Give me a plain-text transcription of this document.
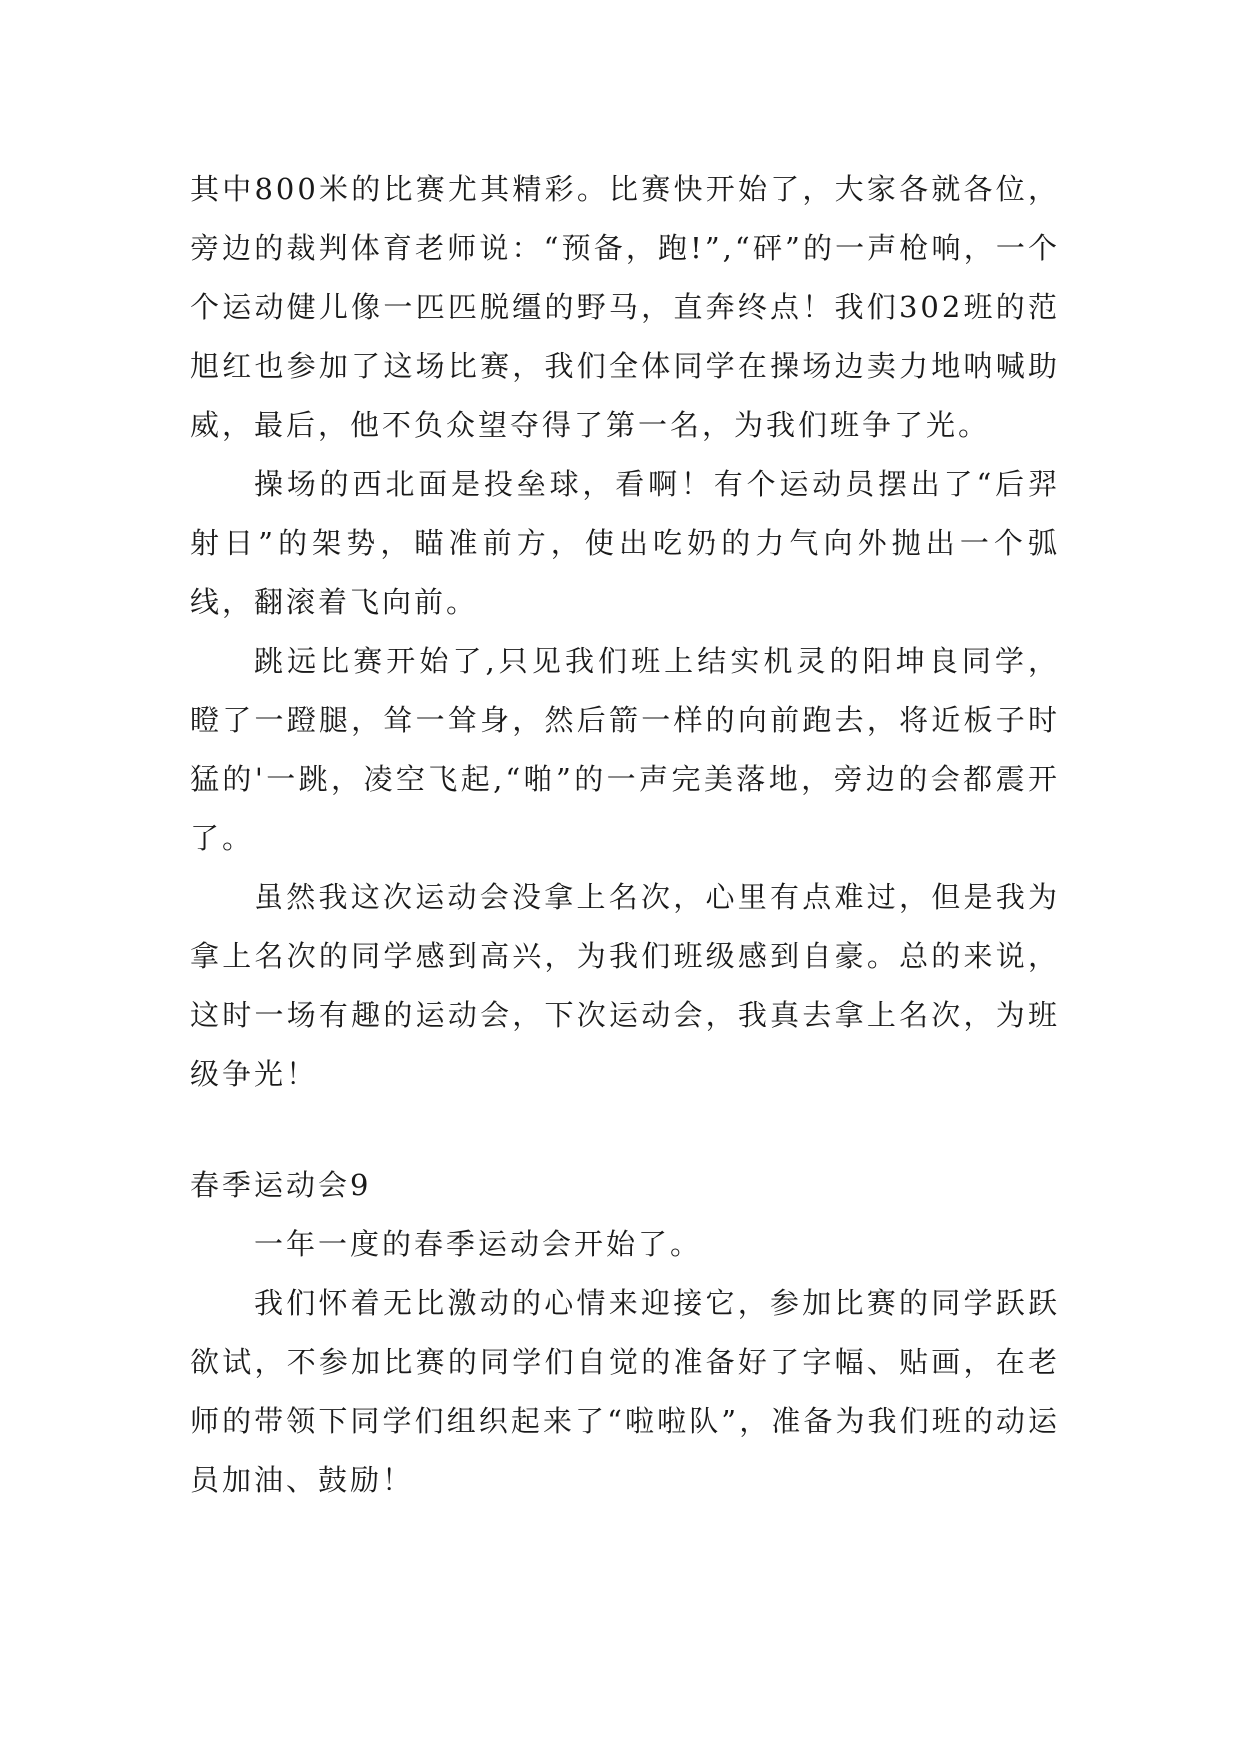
其中800米的比赛尤其精彩。比赛快开始了，大家各就各位，旁边的裁判体育老师说：“预备，跑!”,“砰”的一声枪响，一个个运动健儿像一匹匹脱缰的野马，直奔终点！我们302班的范旭红也参加了这场比赛，我们全体同学在操场边卖力地呐喊助威，最后，他不负众望夺得了第一名，为我们班争了光。

操场的西北面是投垒球，看啊！有个运动员摆出了“后羿射日”的架势，瞄准前方，使出吃奶的力气向外抛出一个弧线，翻滚着飞向前。

跳远比赛开始了,只见我们班上结实机灵的阳坤良同学，瞪了一蹬腿，耸一耸身，然后箭一样的向前跑去，将近板子时猛的'一跳，凌空飞起,“啪”的一声完美落地，旁边的会都震开了。

虽然我这次运动会没拿上名次，心里有点难过，但是我为拿上名次的同学感到高兴，为我们班级感到自豪。总的来说，这时一场有趣的运动会，下次运动会，我真去拿上名次，为班级争光！

春季运动会9

一年一度的春季运动会开始了。

我们怀着无比激动的心情来迎接它，参加比赛的同学跃跃欲试，不参加比赛的同学们自觉的准备好了字幅、贴画，在老师的带领下同学们组织起来了“啦啦队”，准备为我们班的动运员加油、鼓励！
